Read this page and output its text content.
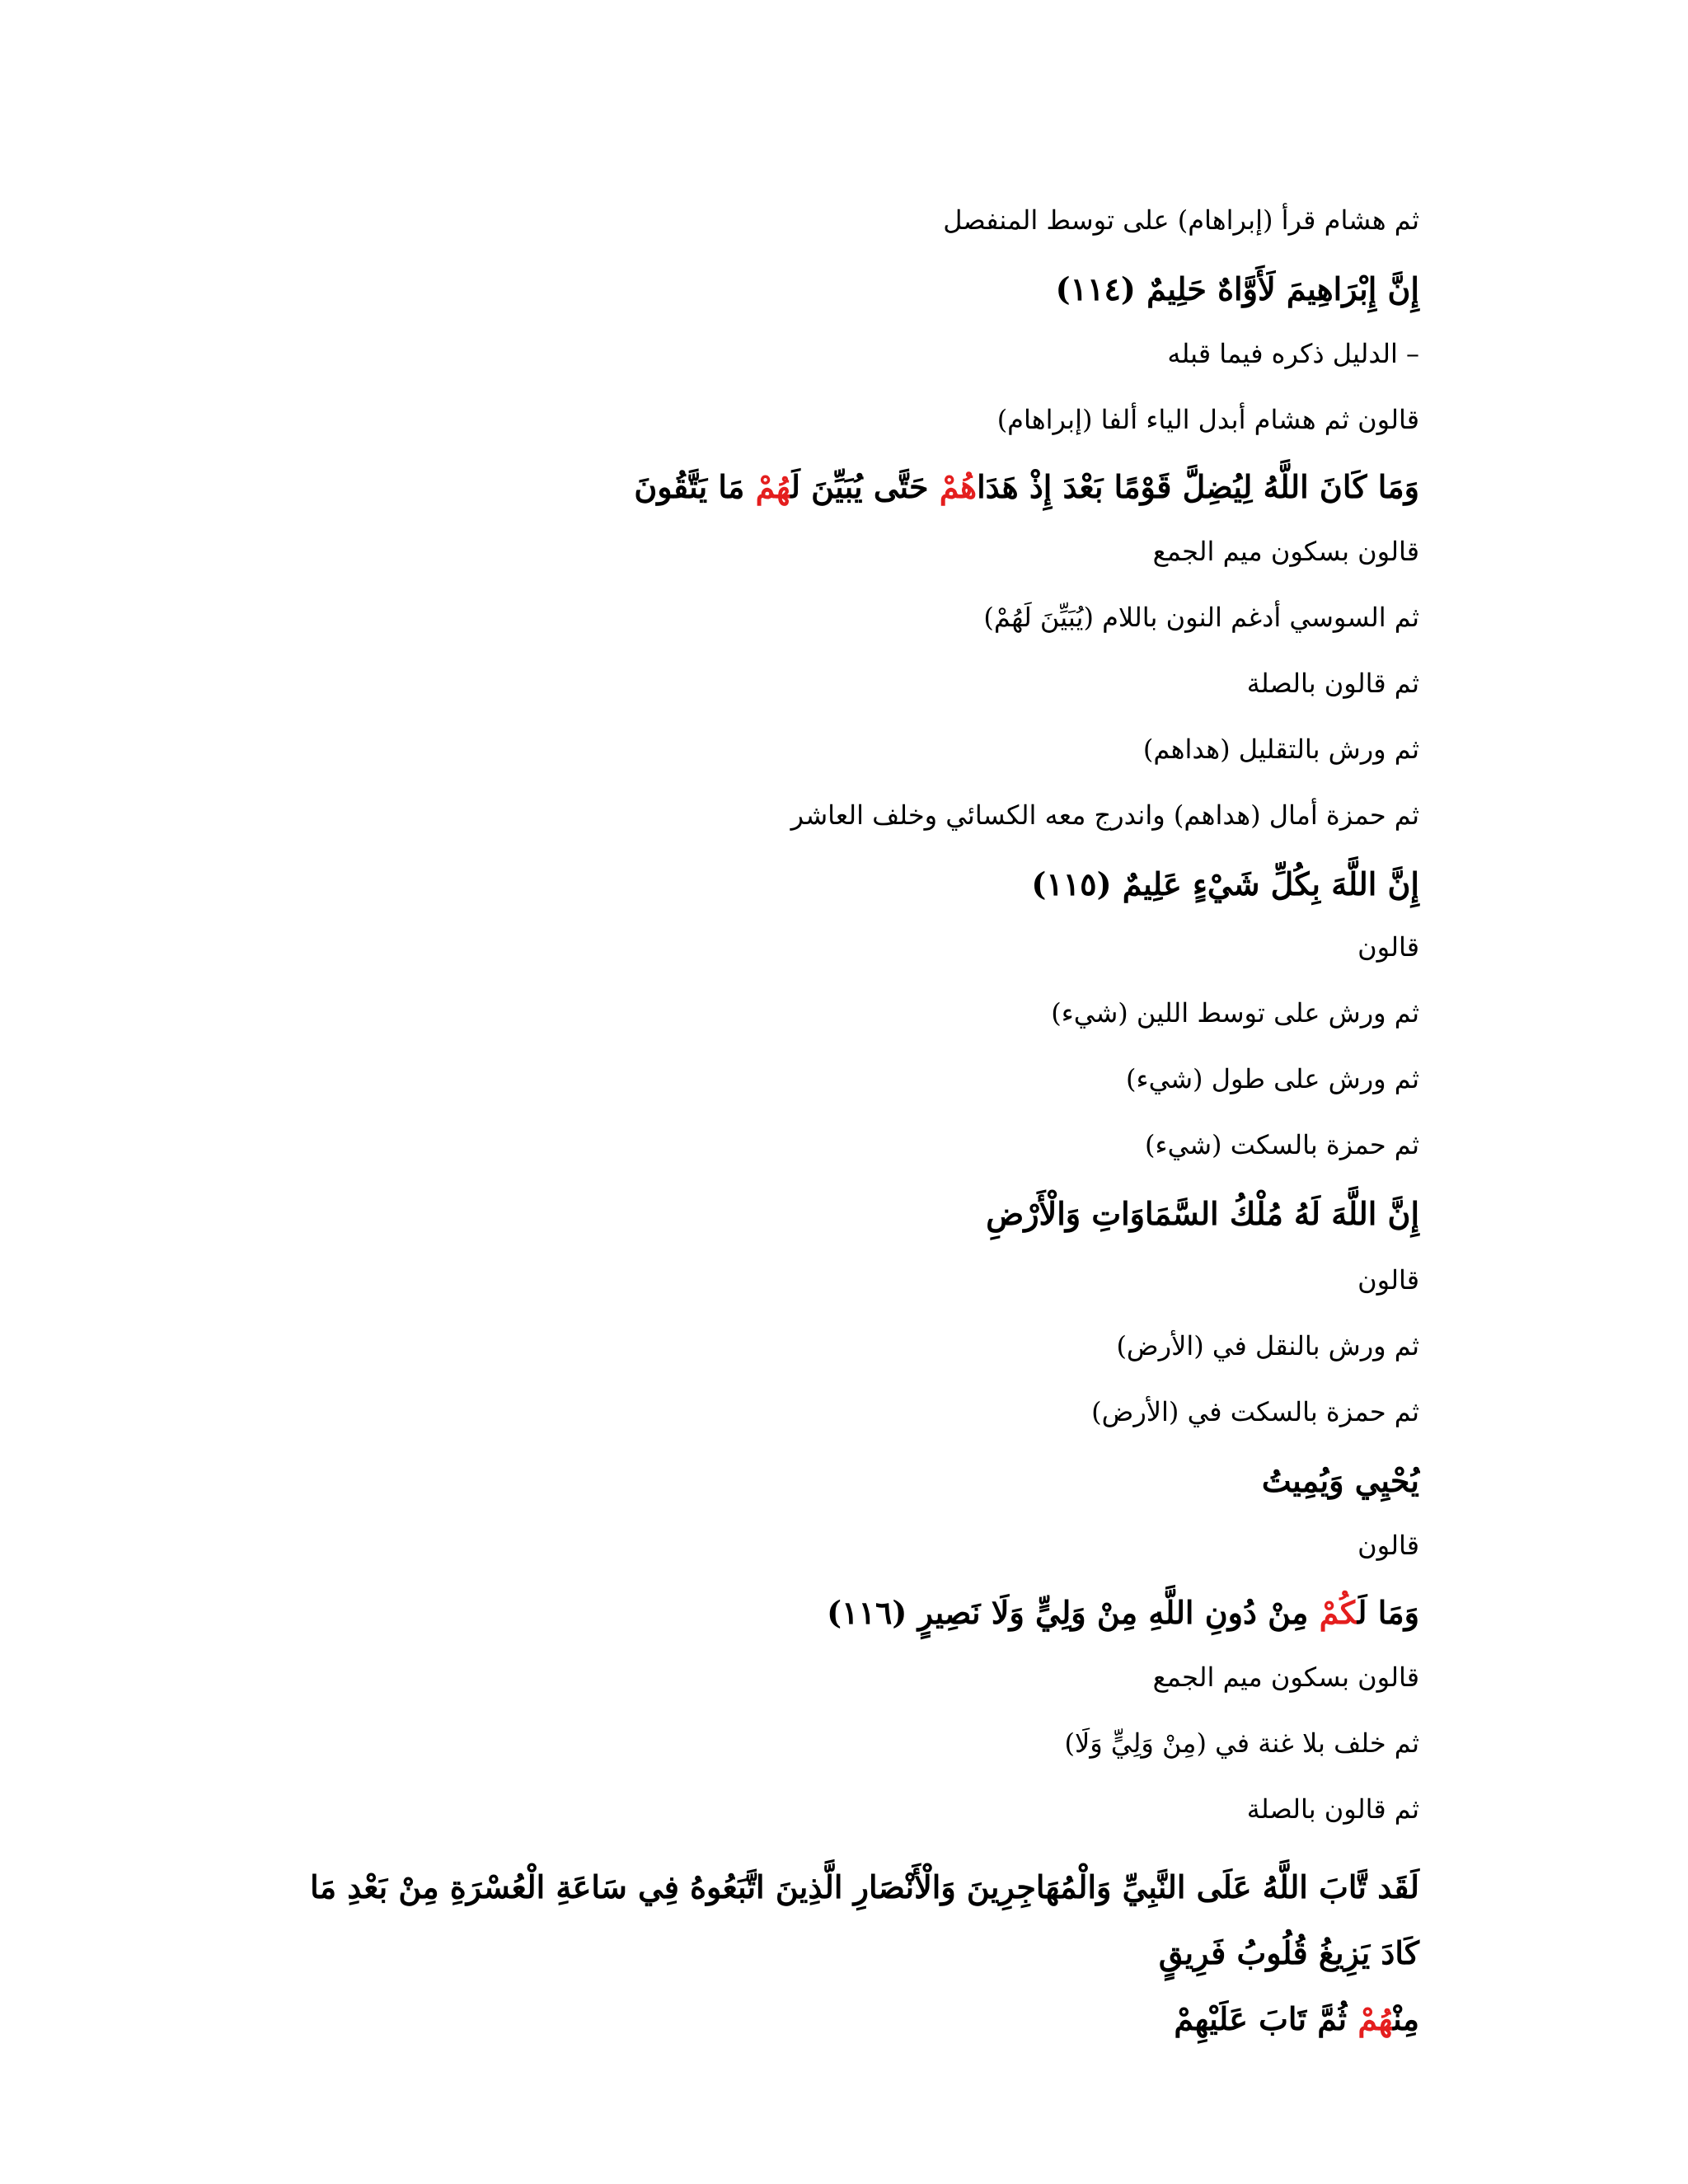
ثم هشام قرأ (إبراهام) على توسط المنفصل
إِنَّ إِبْرَاهِيمَ لَأَوَّاهٌ حَلِيمٌ (١١٤)
– الدليل ذكره فيما قبله
قالون ثم هشام أبدل الياء ألفا (إبراهام)
وَمَا كَانَ اللَّهُ لِيُضِلَّ قَوْمًا بَعْدَ إِذْ هَدَاهُمْ حَتَّى يُبَيِّنَ لَهُمْ مَا يَتَّقُونَ
قالون بسكون ميم الجمع
ثم السوسي أدغم النون باللام (يُبَيِّنَ لَهُمْ)
ثم قالون بالصلة
ثم ورش بالتقليل (هداهم)
ثم حمزة أمال (هداهم) واندرج معه الكسائي وخلف العاشر
إِنَّ اللَّهَ بِكُلِّ شَيْءٍ عَلِيمٌ (١١٥)
قالون
ثم ورش على توسط اللين (شيء)
ثم ورش على طول (شيء)
ثم حمزة بالسكت (شيء)
إِنَّ اللَّهَ لَهُ مُلْكُ السَّمَاوَاتِ وَالْأَرْضِ
قالون
ثم ورش بالنقل في (الأرض)
ثم حمزة بالسكت في (الأرض)
يُحْيِي وَيُمِيتُ
قالون
وَمَا لَكُمْ مِنْ دُونِ اللَّهِ مِنْ وَلِيٍّ وَلَا نَصِيرٍ (١١٦)
قالون بسكون ميم الجمع
ثم خلف بلا غنة في (مِنْ وَلِيٍّ وَلَا)
ثم قالون بالصلة
لَقَد تَّابَ اللَّهُ عَلَى النَّبِيِّ وَالْمُهَاجِرِينَ وَالْأَنْصَارِ الَّذِينَ اتَّبَعُوهُ فِي سَاعَةِ الْعُسْرَةِ مِنْ بَعْدِ مَا كَادَ يَزِيغُ قُلُوبُ فَرِيقٍ
مِنْهُمْ ثُمَّ تَابَ عَلَيْهِمْ
